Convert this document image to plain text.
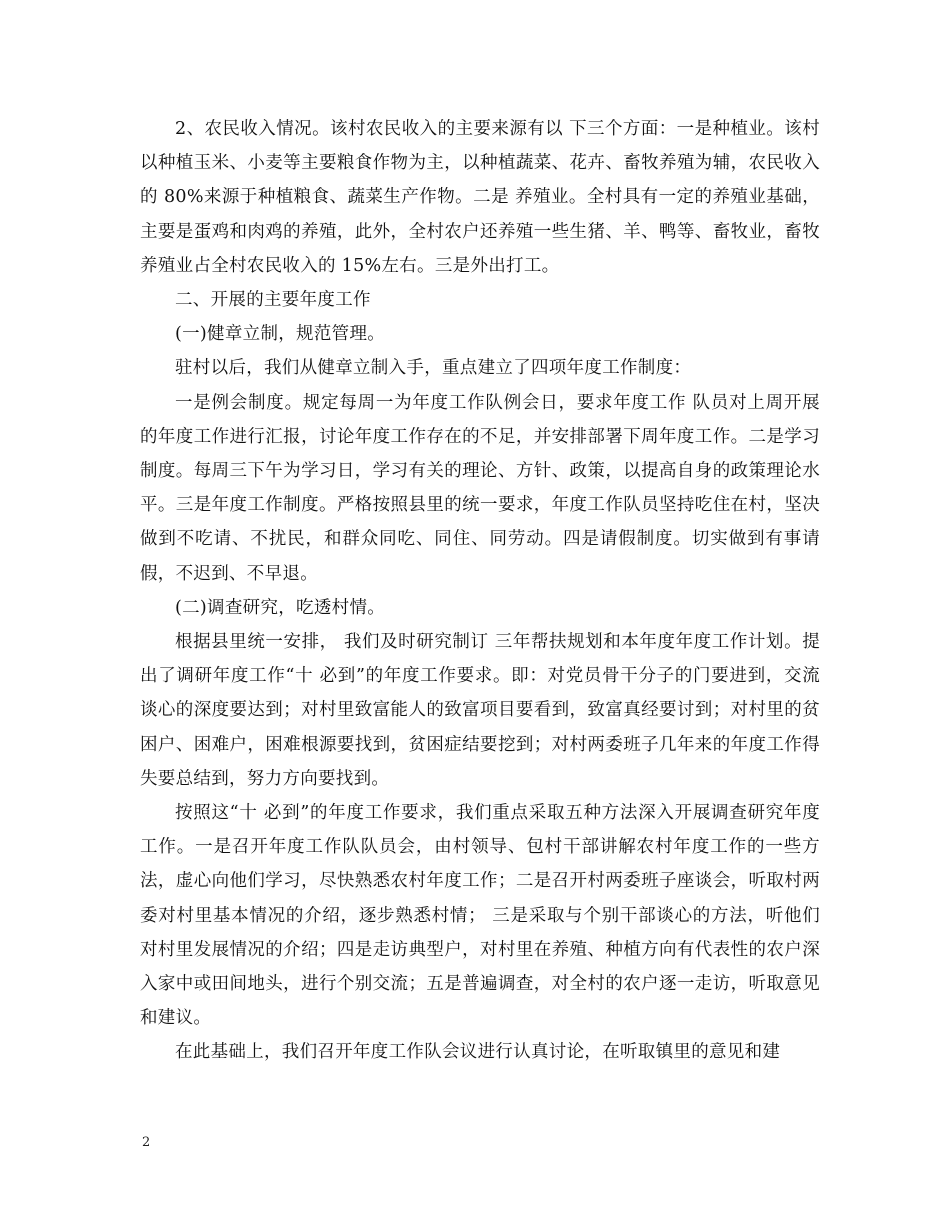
2、农民收入情况。该村农民收入的主要来源有以 下三个方面：一是种植业。该村以种植玉米、小麦等主要粮食作物为主，以种植蔬菜、花卉、畜牧养殖为辅，农民收入的 80%来源于种植粮食、蔬菜生产作物。二是 养殖业。全村具有一定的养殖业基础，主要是蛋鸡和肉鸡的养殖，此外，全村农户还养殖一些生猪、羊、鸭等、畜牧业，畜牧养殖业占全村农民收入的 15%左右。三是外出打工。

二、开展的主要年度工作

(一)健章立制，规范管理。

驻村以后，我们从健章立制入手，重点建立了四项年度工作制度：

一是例会制度。规定每周一为年度工作队例会日，要求年度工作 队员对上周开展的年度工作进行汇报，讨论年度工作存在的不足，并安排部署下周年度工作。二是学习制度。每周三下午为学习日，学习有关的理论、方针、政策，以提高自身的政策理论水平。三是年度工作制度。严格按照县里的统一要求，年度工作队员坚持吃住在村，坚决做到不吃请、不扰民，和群众同吃、同住、同劳动。四是请假制度。切实做到有事请假，不迟到、不早退。

(二)调查研究，吃透村情。

根据县里统一安排， 我们及时研究制订 三年帮扶规划和本年度年度工作计划。提出了调研年度工作“十 必到”的年度工作要求。即：对党员骨干分子的门要进到，交流谈心的深度要达到；对村里致富能人的致富项目要看到，致富真经要讨到；对村里的贫困户、困难户，困难根源要找到，贫困症结要挖到；对村两委班子几年来的年度工作得失要总结到，努力方向要找到。

按照这“十 必到”的年度工作要求，我们重点采取五种方法深入开展调查研究年度工作。一是召开年度工作队队员会，由村领导、包村干部讲解农村年度工作的一些方法，虚心向他们学习，尽快熟悉农村年度工作；二是召开村两委班子座谈会，听取村两委对村里基本情况的介绍，逐步熟悉村情； 三是采取与个别干部谈心的方法，听他们对村里发展情况的介绍；四是走访典型户，对村里在养殖、种植方向有代表性的农户深入家中或田间地头，进行个别交流；五是普遍调查，对全村的农户逐一走访，听取意见和建议。

在此基础上，我们召开年度工作队会议进行认真讨论，在听取镇里的意见和建

2
